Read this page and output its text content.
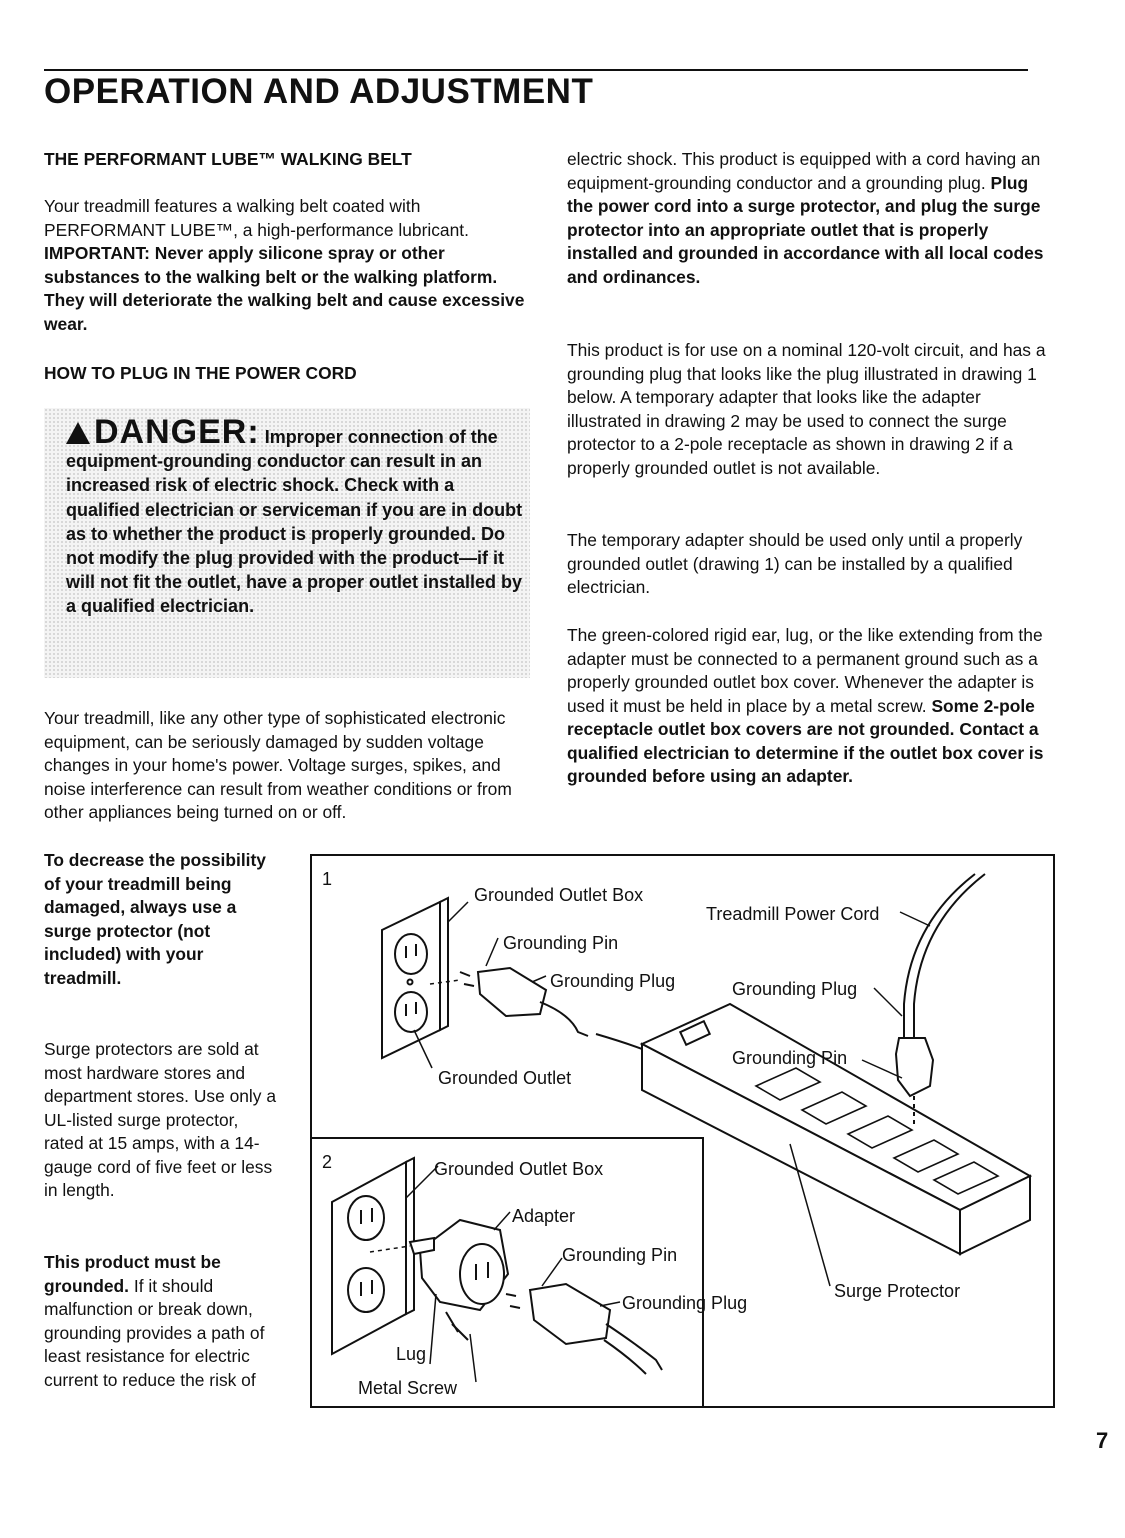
OPERATION AND ADJUSTMENT

THE PERFORMANT LUBE™ WALKING BELT

Your treadmill features a walking belt coated with PERFORMANT LUBE™, a high-performance lubricant. IMPORTANT: Never apply silicone spray or other substances to the walking belt or the walking platform. They will deteriorate the walking belt and cause excessive wear.

HOW TO PLUG IN THE POWER CORD

DANGER: Improper connection of the equipment-grounding conductor can result in an increased risk of electric shock. Check with a qualified electrician or serviceman if you are in doubt as to whether the product is properly grounded. Do not modify the plug provided with the product—if it will not fit the outlet, have a proper outlet installed by a qualified electrician.

Your treadmill, like any other type of sophisticated electronic equipment, can be seriously damaged by sudden voltage changes in your home's power. Voltage surges, spikes, and noise interference can result from weather conditions or from other appliances being turned on or off.

To decrease the possibility of your treadmill being damaged, always use a surge protector (not included) with your treadmill.

Surge protectors are sold at most hardware stores and department stores. Use only a UL-listed surge protector, rated at 15 amps, with a 14-gauge cord of five feet or less in length.

This product must be grounded. If it should malfunction or break down, grounding provides a path of least resistance for electric current to reduce the risk of

electric shock. This product is equipped with a cord having an equipment-grounding conductor and a grounding plug. Plug the power cord into a surge protector, and plug the surge protector into an appropriate outlet that is properly installed and grounded in accordance with all local codes and ordinances.

This product is for use on a nominal 120-volt circuit, and has a grounding plug that looks like the plug illustrated in drawing 1 below. A temporary adapter that looks like the adapter illustrated in drawing 2 may be used to connect the surge protector to a 2-pole receptacle as shown in drawing 2 if a properly grounded outlet is not available.

The temporary adapter should be used only until a properly grounded outlet (drawing 1) can be installed by a qualified electrician.

The green-colored rigid ear, lug, or the like extending from the adapter must be connected to a permanent ground such as a properly grounded outlet box cover. Whenever the adapter is used it must be held in place by a metal screw. Some 2-pole receptacle outlet box covers are not grounded. Contact a qualified electrician to determine if the outlet box cover is grounded before using an adapter.

1
2
Grounded Outlet Box
Grounding Pin
Grounding Plug
Grounded Outlet
Treadmill Power Cord
Grounding Plug
Grounding Pin
Surge Protector
Grounded Outlet Box
Adapter
Grounding Pin
Grounding Plug
Lug
Metal Screw

7
